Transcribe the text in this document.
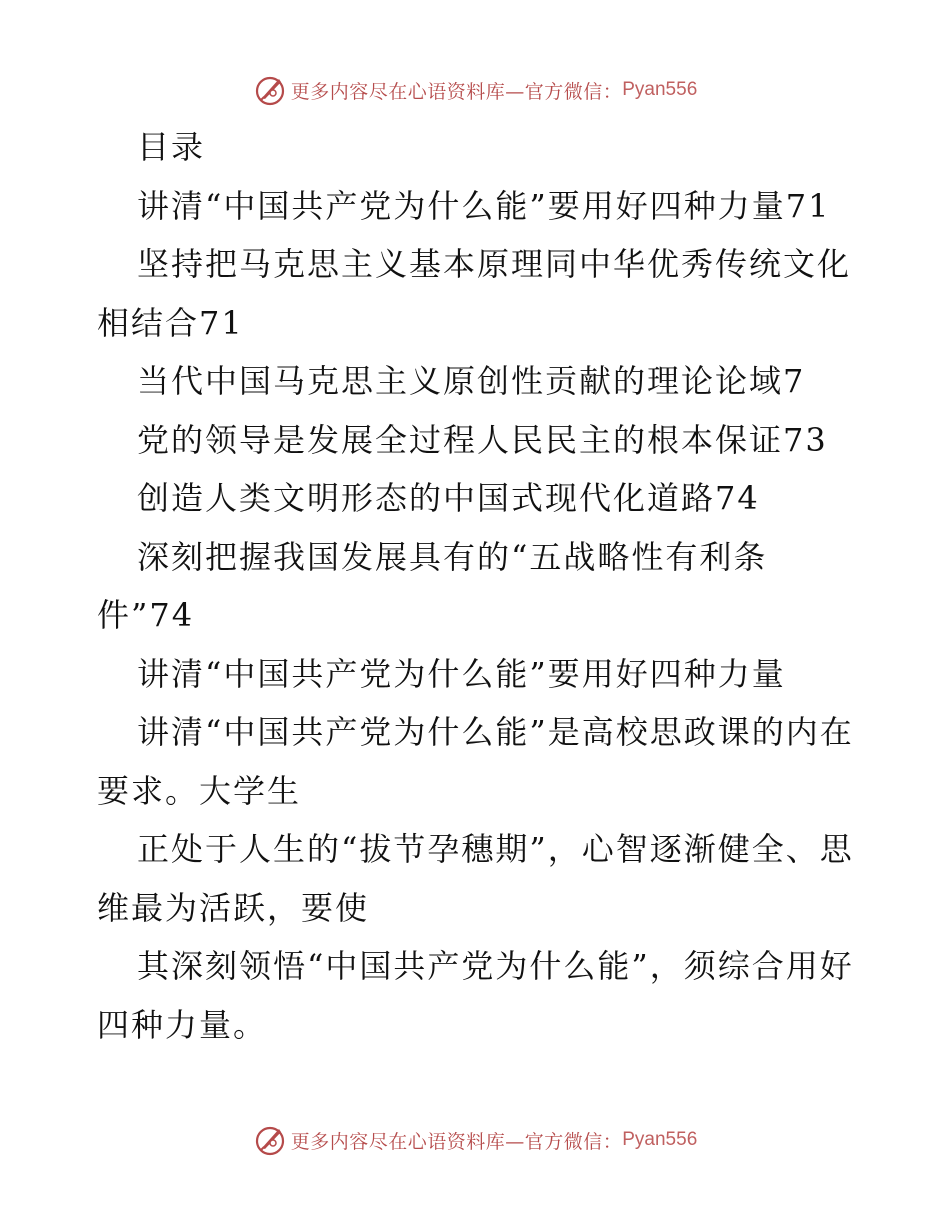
更多内容尽在心语资料库—官方微信： Pyan556

目录

讲清“中国共产党为什么能”要用好四种力量71

坚持把马克思主义基本原理同中华优秀传统文化相结合71

当代中国马克思主义原创性贡献的理论论域7

党的领导是发展全过程人民民主的根本保证73

创造人类文明形态的中国式现代化道路74

深刻把握我国发展具有的“五战略性有利条件”74

讲清“中国共产党为什么能”要用好四种力量

讲清“中国共产党为什么能”是高校思政课的内在要求。大学生

正处于人生的“拔节孕穗期”，心智逐渐健全、思维最为活跃，要使

其深刻领悟“中国共产党为什么能”，须综合用好四种力量。

更多内容尽在心语资料库—官方微信： Pyan556
